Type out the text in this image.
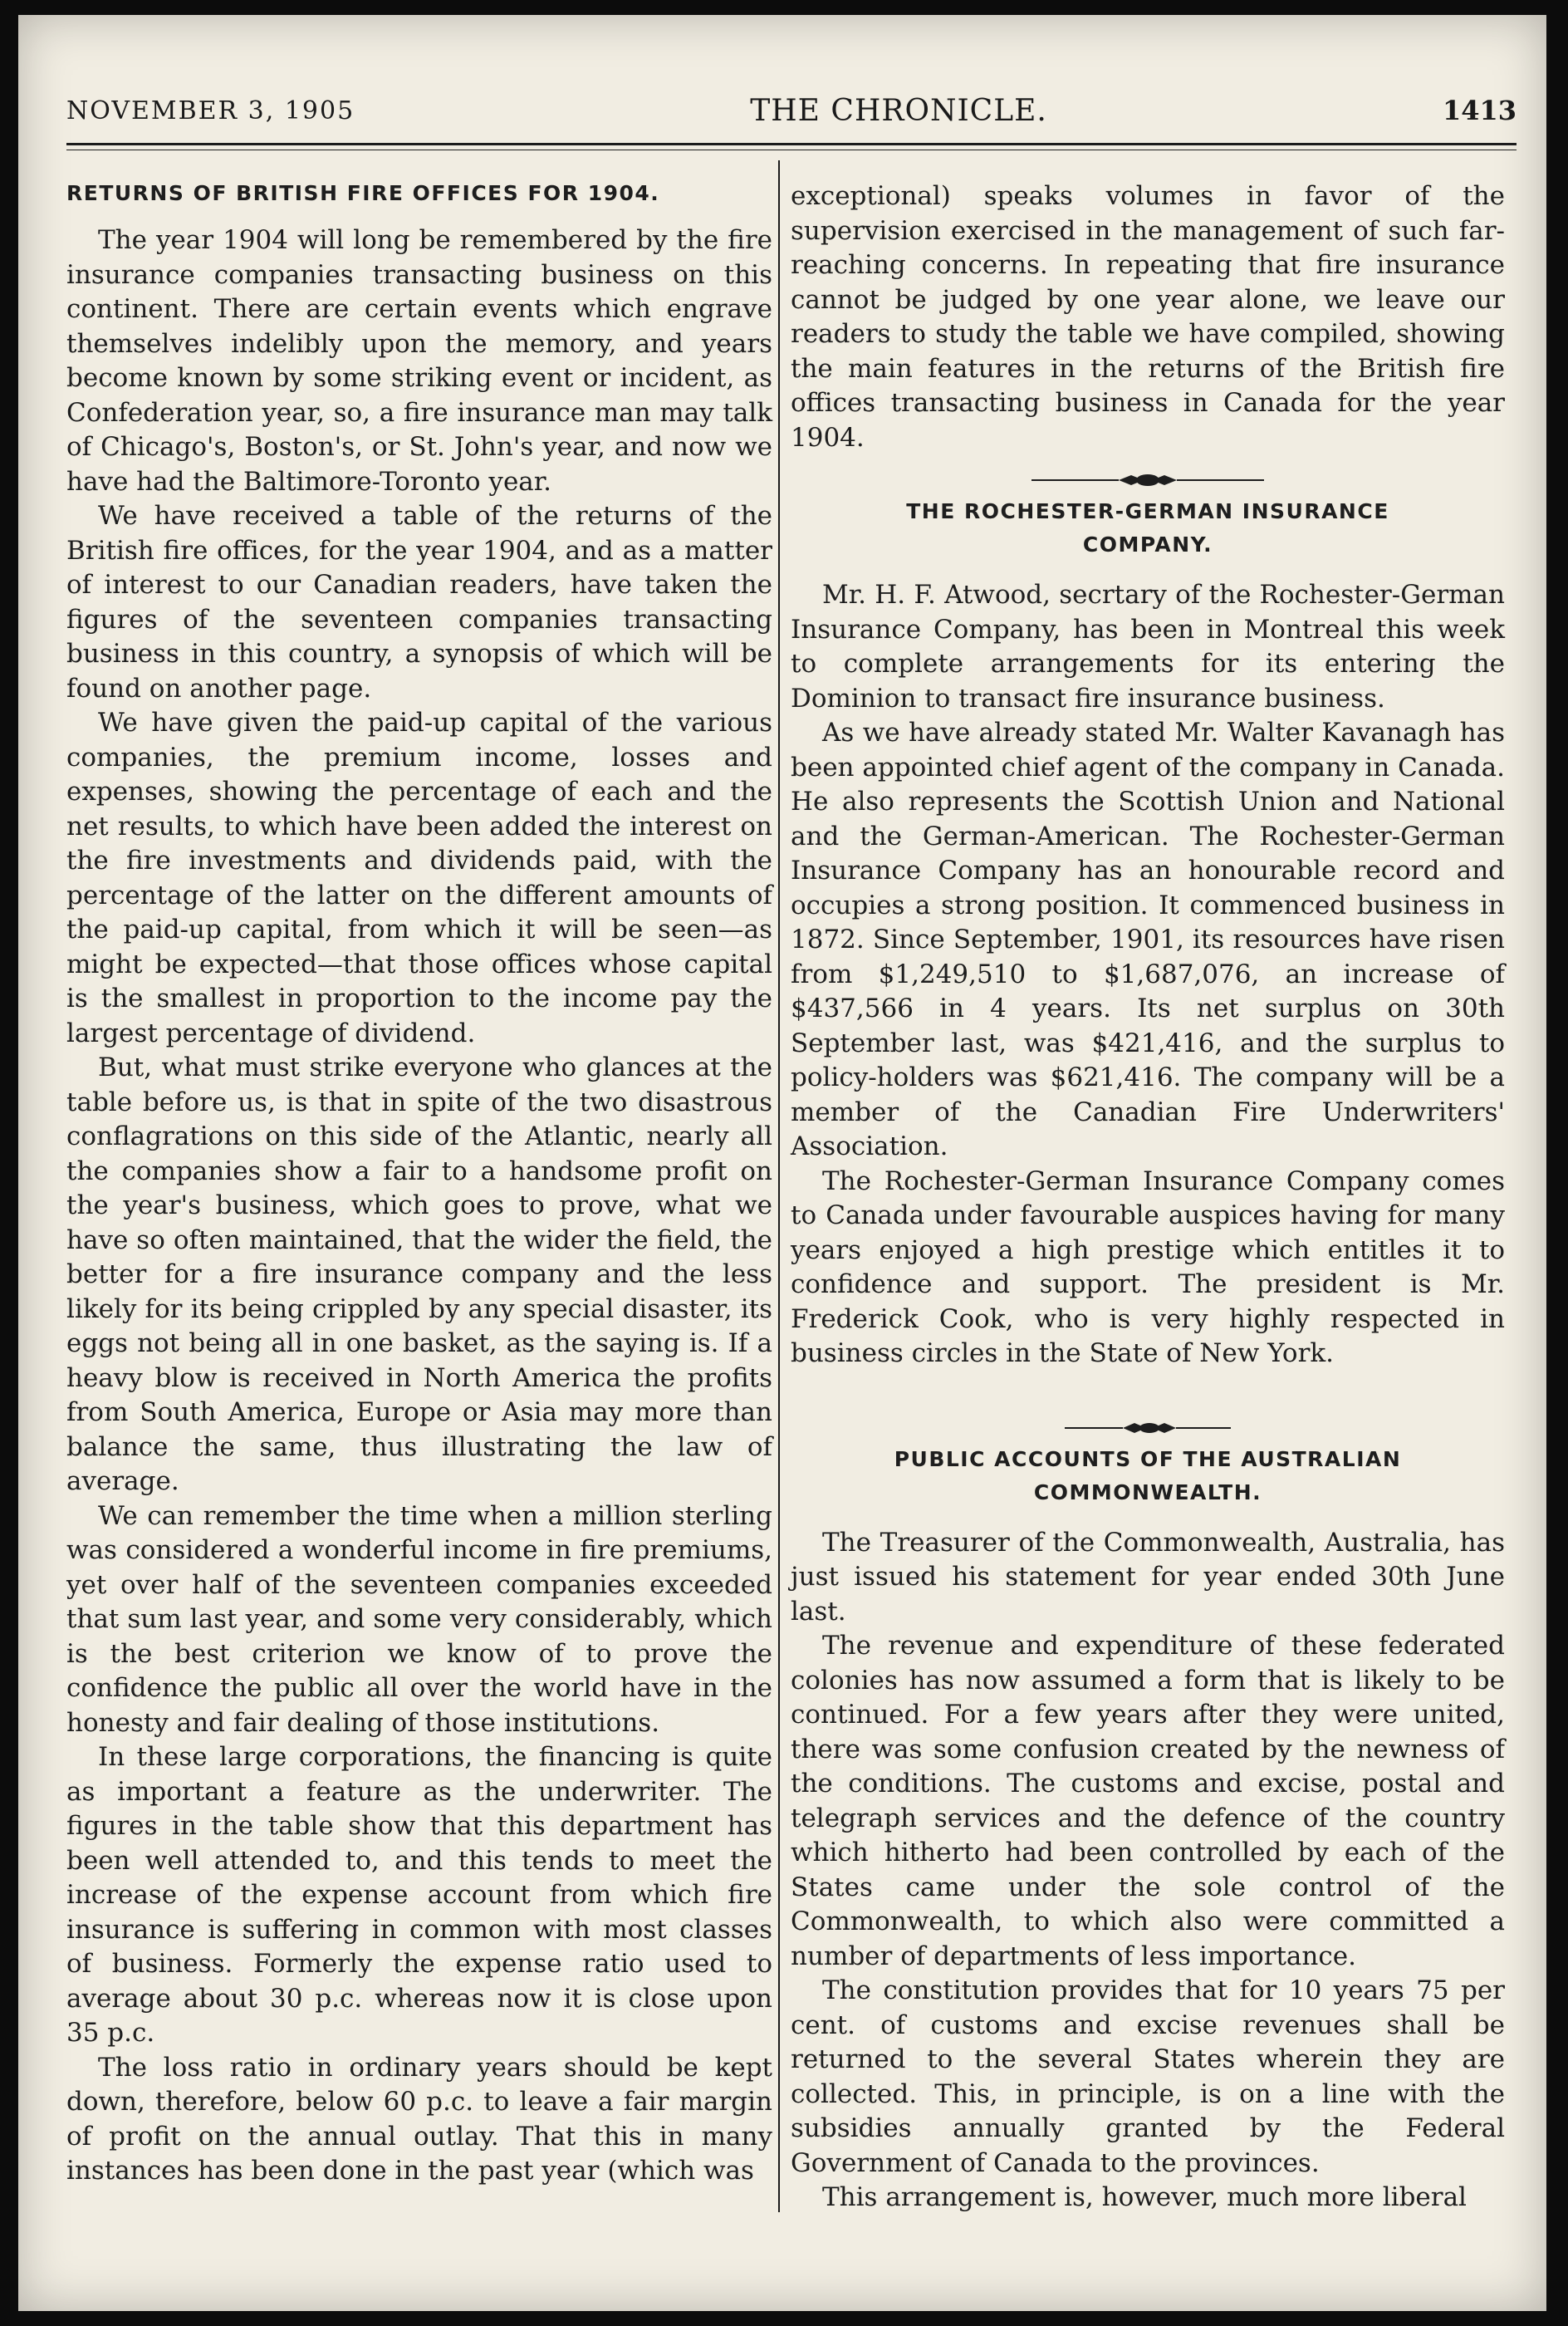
NOVEMBER 3, 1905	THE CHRONICLE.	1413
RETURNS OF BRITISH FIRE OFFICES FOR 1904.

The year 1904 will long be remembered by the fire insurance companies transacting business on this continent. There are certain events which engrave themselves indelibly upon the memory, and years become known by some striking event or incident, as Confederation year, so, a fire insurance man may talk of Chicago's, Boston's, or St. John's year, and now we have had the Baltimore-Toronto year.

We have received a table of the returns of the British fire offices, for the year 1904, and as a matter of interest to our Canadian readers, have taken the figures of the seventeen companies transacting business in this country, a synopsis of which will be found on another page.

We have given the paid-up capital of the various companies, the premium income, losses and expenses, showing the percentage of each and the net results, to which have been added the interest on the fire investments and dividends paid, with the percentage of the latter on the different amounts of the paid-up capital, from which it will be seen—as might be expected—that those offices whose capital is the smallest in proportion to the income pay the largest percentage of dividend.

But, what must strike everyone who glances at the table before us, is that in spite of the two disastrous conflagrations on this side of the Atlantic, nearly all the companies show a fair to a handsome profit on the year's business, which goes to prove, what we have so often maintained, that the wider the field, the better for a fire insurance company and the less likely for its being crippled by any special disaster, its eggs not being all in one basket, as the saying is. If a heavy blow is received in North America the profits from South America, Europe or Asia may more than balance the same, thus illustrating the law of average.

We can remember the time when a million sterling was considered a wonderful income in fire premiums, yet over half of the seventeen companies exceeded that sum last year, and some very considerably, which is the best criterion we know of to prove the confidence the public all over the world have in the honesty and fair dealing of those institutions.

In these large corporations, the financing is quite as important a feature as the underwriter. The figures in the table show that this department has been well attended to, and this tends to meet the increase of the expense account from which fire insurance is suffering in common with most classes of business. Formerly the expense ratio used to average about 30 p.c. whereas now it is close upon 35 p.c.

The loss ratio in ordinary years should be kept down, therefore, below 60 p.c. to leave a fair margin of profit on the annual outlay. That this in many instances has been done in the past year (which was

exceptional) speaks volumes in favor of the supervision exercised in the management of such far-reaching concerns. In repeating that fire insurance cannot be judged by one year alone, we leave our readers to study the table we have compiled, showing the main features in the returns of the British fire offices transacting business in Canada for the year 1904.

THE ROCHESTER-GERMAN INSURANCE
COMPANY.

Mr. H. F. Atwood, secrtary of the Rochester-German Insurance Company, has been in Montreal this week to complete arrangements for its entering the Dominion to transact fire insurance business.

As we have already stated Mr. Walter Kavanagh has been appointed chief agent of the company in Canada. He also represents the Scottish Union and National and the German-American. The Rochester-German Insurance Company has an honourable record and occupies a strong position. It commenced business in 1872. Since September, 1901, its resources have risen from $1,249,510 to $1,687,076, an increase of $437,566 in 4 years. Its net surplus on 30th September last, was $421,416, and the surplus to policy-holders was $621,416. The company will be a member of the Canadian Fire Underwriters' Association.

The Rochester-German Insurance Company comes to Canada under favourable auspices having for many years enjoyed a high prestige which entitles it to confidence and support. The president is Mr. Frederick Cook, who is very highly respected in business circles in the State of New York.

PUBLIC ACCOUNTS OF THE AUSTRALIAN
COMMONWEALTH.

The Treasurer of the Commonwealth, Australia, has just issued his statement for year ended 30th June last.

The revenue and expenditure of these federated colonies has now assumed a form that is likely to be continued. For a few years after they were united, there was some confusion created by the newness of the conditions. The customs and excise, postal and telegraph services and the defence of the country which hitherto had been controlled by each of the States came under the sole control of the Commonwealth, to which also were committed a number of departments of less importance.

The constitution provides that for 10 years 75 per cent. of customs and excise revenues shall be returned to the several States wherein they are collected. This, in principle, is on a line with the subsidies annually granted by the Federal Government of Canada to the provinces.

This arrangement is, however, much more liberal
